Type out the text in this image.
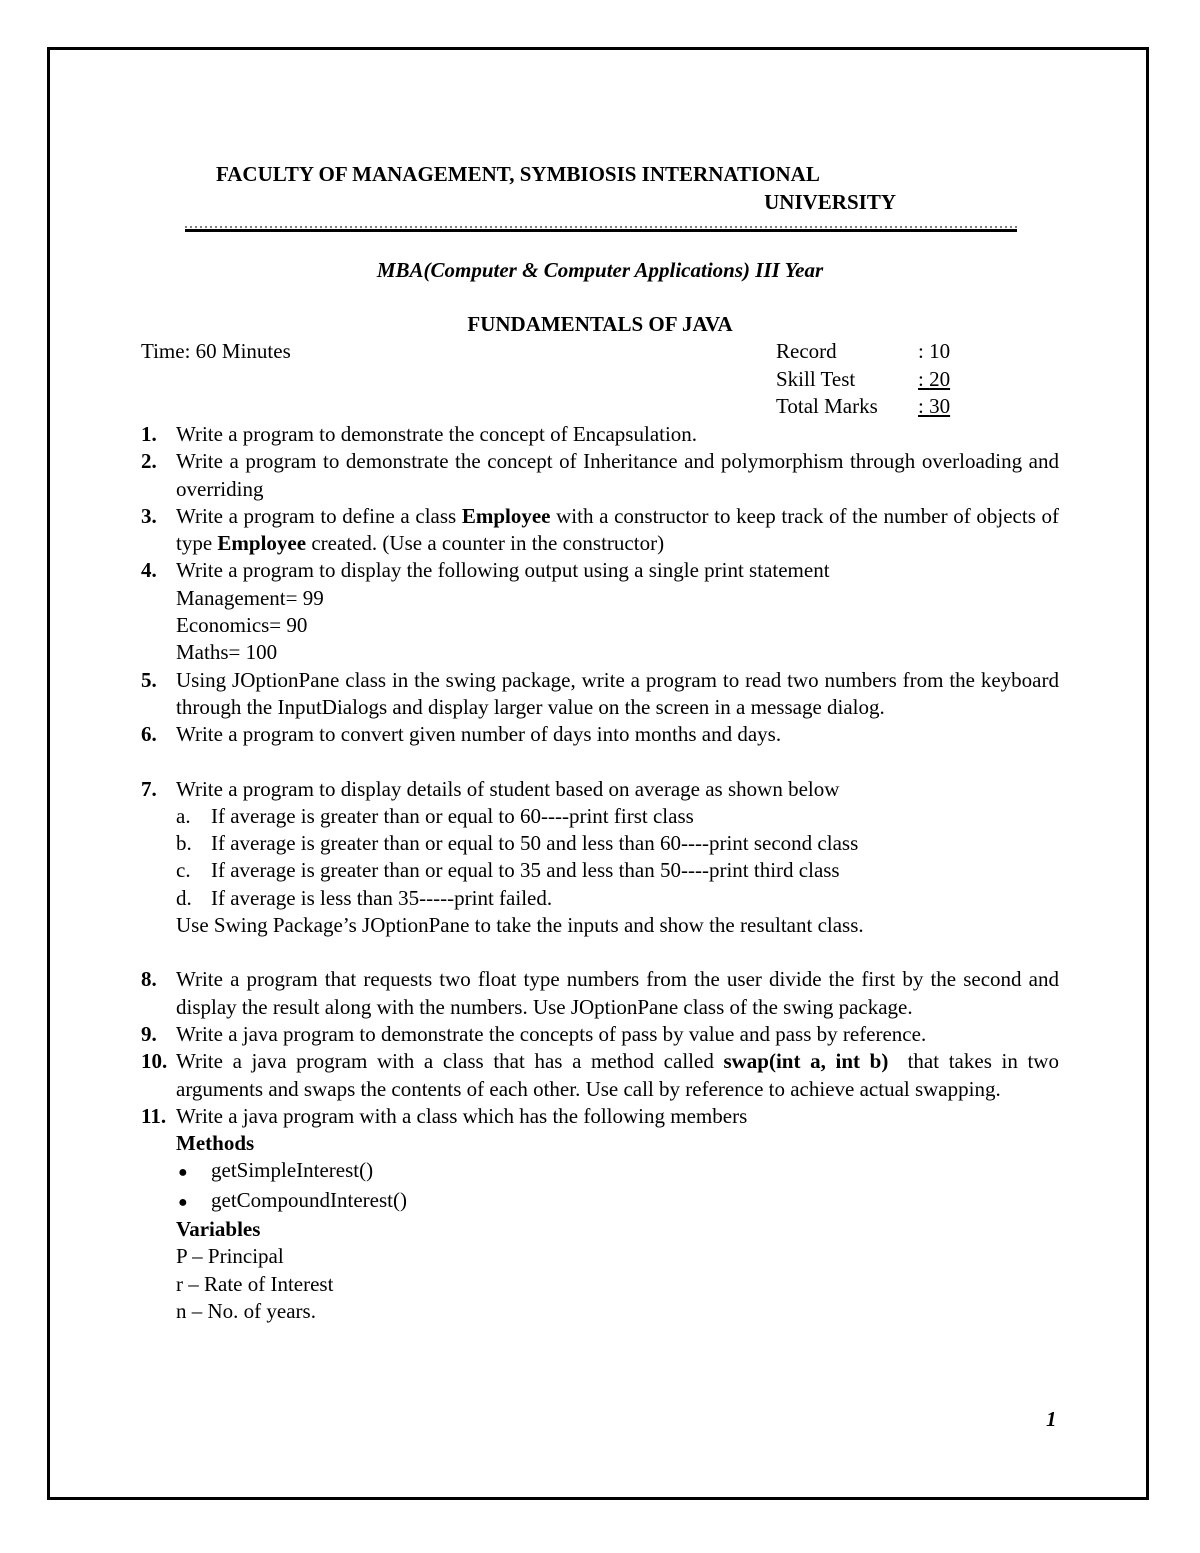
FACULTY OF MANAGEMENT, SYMBIOSIS INTERNATIONAL
UNIVERSITY
MBA(Computer & Computer Applications) III Year
FUNDAMENTALS OF JAVA
Time: 60 Minutes	Record	: 10
Skill Test	: 20
Total Marks	: 30
1. Write a program to demonstrate the concept of Encapsulation.
2. Write a program to demonstrate the concept of Inheritance and polymorphism through overloading and overriding
3. Write a program to define a class Employee with a constructor to keep track of the number of objects of type Employee created. (Use a counter in the constructor)
4. Write a program to display the following output using a single print statement
Management= 99
Economics= 90
Maths= 100
5. Using JOptionPane class in the swing package, write a program to read two numbers from the keyboard through the InputDialogs and display larger value on the screen in a message dialog.
6. Write a program to convert given number of days into months and days.
7. Write a program to display details of student based on average as shown below
a. If average is greater than or equal to 60----print first class
b. If average is greater than or equal to 50 and less than 60----print second class
c. If average is greater than or equal to 35 and less than 50----print third class
d. If average is less than 35-----print failed.
Use Swing Package’s JOptionPane to take the inputs and show the resultant class.
8. Write a program that requests two float type numbers from the user divide the first by the second and display the result along with the numbers. Use JOptionPane class of the swing package.
9. Write a java program to demonstrate the concepts of pass by value and pass by reference.
10. Write a java program with a class that has a method called swap(int a, int b)  that takes in two arguments and swaps the contents of each other. Use call by reference to achieve actual swapping.
11. Write a java program with a class which has the following members
Methods
●	getSimpleInterest()
●	getCompoundInterest()
Variables
P – Principal
r – Rate of Interest
n – No. of years.
1
